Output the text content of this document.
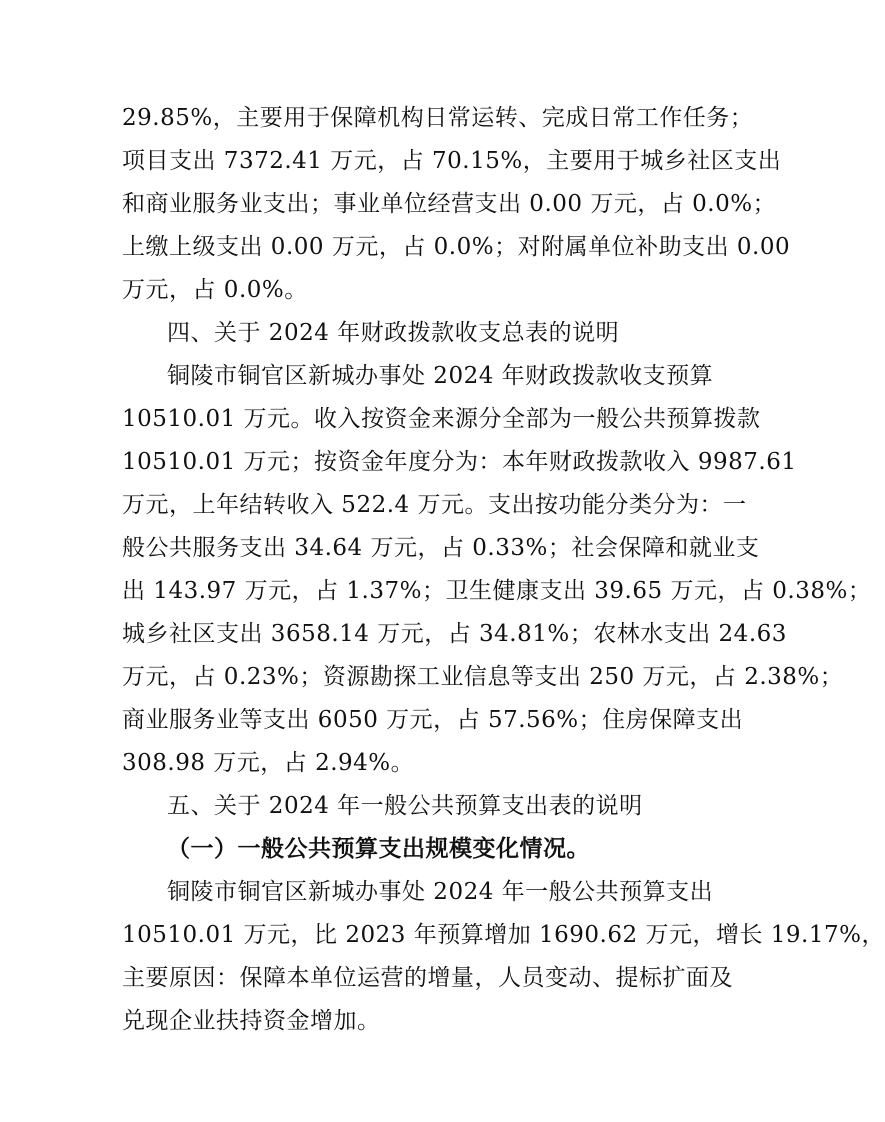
29.85%，主要用于保障机构日常运转、完成日常工作任务；
项目支出 7372.41 万元，占 70.15%，主要用于城乡社区支出
和商业服务业支出；事业单位经营支出 0.00 万元，占 0.0%；
上缴上级支出 0.00 万元，占 0.0%；对附属单位补助支出 0.00
万元，占 0.0%。
四、关于 2024 年财政拨款收支总表的说明
铜陵市铜官区新城办事处 2024 年财政拨款收支预算
10510.01 万元。收入按资金来源分全部为一般公共预算拨款
10510.01 万元；按资金年度分为：本年财政拨款收入 9987.61
万元，上年结转收入 522.4 万元。支出按功能分类分为：一
般公共服务支出 34.64 万元，占 0.33%；社会保障和就业支
出 143.97 万元，占 1.37%；卫生健康支出 39.65 万元，占 0.38%；
城乡社区支出 3658.14 万元，占 34.81%；农林水支出 24.63
万元，占 0.23%；资源勘探工业信息等支出 250 万元，占 2.38%；
商业服务业等支出 6050 万元，占 57.56%；住房保障支出
308.98 万元，占 2.94%。
五、关于 2024 年一般公共预算支出表的说明
（一）一般公共预算支出规模变化情况。
铜陵市铜官区新城办事处 2024 年一般公共预算支出
10510.01 万元，比 2023 年预算增加 1690.62 万元，增长 19.17%，
主要原因：保障本单位运营的增量，人员变动、提标扩面及
兑现企业扶持资金增加。
